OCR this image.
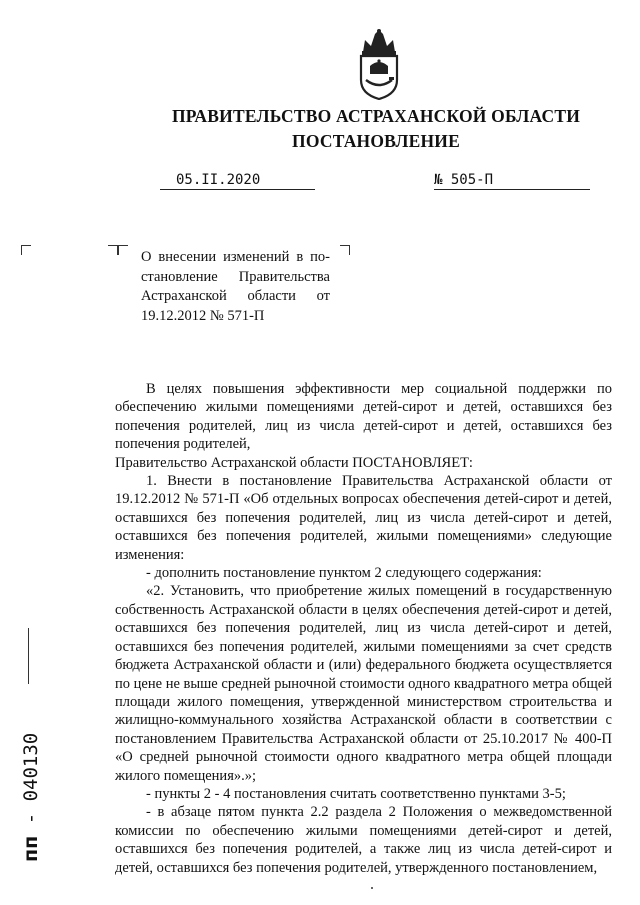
ПРАВИТЕЛЬСТВО АСТРАХАНСКОЙ ОБЛАСТИ
ПОСТАНОВЛЕНИЕ
05.II.2020	№ 505-П
О внесении изменений в по-
становление Правительства
Астраханской области от
19.12.2012 № 571-П

В целях повышения эффективности мер социальной поддержки по обеспечению жилыми помещениями детей-сирот и детей, оставшихся без попечения родителей, лиц из числа детей-сирот и детей, оставшихся без попечения родителей,

Правительство Астраханской области ПОСТАНОВЛЯЕТ:

1. Внести в постановление Правительства Астраханской области от 19.12.2012 № 571-П «Об отдельных вопросах обеспечения детей-сирот и детей, оставшихся без попечения родителей, лиц из числа детей-сирот и детей, оставшихся без попечения родителей, жилыми помещениями» следующие изменения:

- дополнить постановление пунктом 2 следующего содержания:

«2. Установить, что приобретение жилых помещений в государственную собственность Астраханской области в целях обеспечения детей-сирот и детей, оставшихся без попечения родителей, лиц из числа детей-сирот и детей, оставшихся без попечения родителей, жилыми помещениями за счет средств бюджета Астраханской области и (или) федерального бюджета осуществляется по цене не выше средней рыночной стоимости одного квадратного метра общей площади жилого помещения, утвержденной министерством строительства и жилищно-коммунального хозяйства Астраханской области в соответствии с постановлением Правительства Астраханской области от 25.10.2017 № 400-П «О средней рыночной стоимости одного квадратного метра общей площади жилого помещения».»;

- пункты 2 - 4 постановления считать соответственно пунктами 3-5;

- в абзаце пятом пункта 2.2 раздела 2 Положения о межведомственной комиссии по обеспечению жилыми помещениями детей-сирот и детей, оставшихся без попечения родителей, а также лиц из числа детей-сирот и детей, оставшихся без попечения родителей, утвержденного постановлением,

пп - 040130
